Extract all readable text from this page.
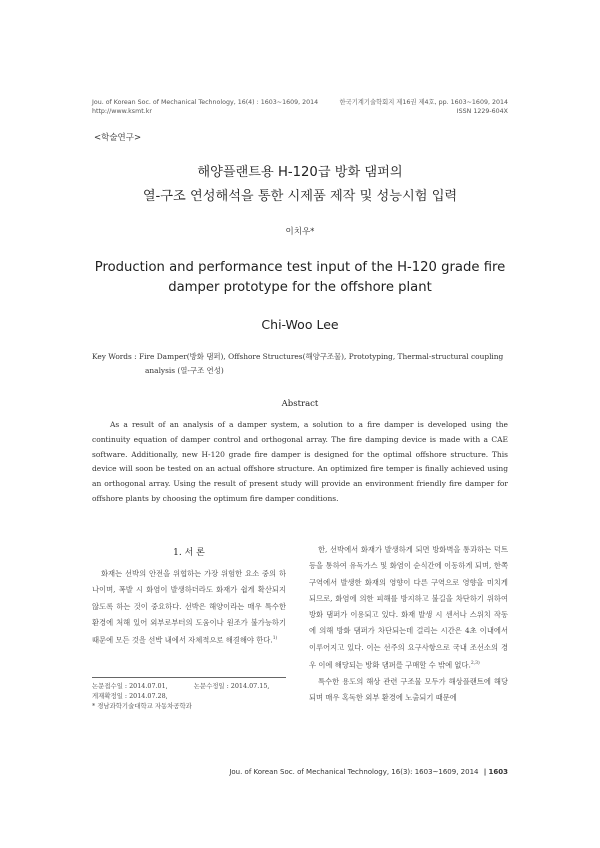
Jou. of Korean Soc. of Mechanical Technology, 16(4) : 1603~1609, 2014
http://www.ksmt.kr
한국기계기술학회지 제16권 제4호, pp. 1603~1609, 2014
ISSN 1229-604X
<학술연구>
해양플랜트용 H-120급 방화 댐퍼의
열-구조 연성해석을 통한 시제품 제작 및 성능시험 입력
이치우*
Production and performance test input of the H-120 grade fire
damper prototype for the offshore plant
Chi-Woo Lee
Key Words : Fire Damper(방화 댐퍼), Offshore Structures(해양구조물), Prototyping, Thermal-structural coupling
analysis (열-구조 연성)
Abstract

As a result of an analysis of a damper system, a solution to a fire damper is developed using the continuity equation of damper control and orthogonal array. The fire damping device is made with a CAE software. Additionally, new H-120 grade fire damper is designed for the optimal offshore structure. This device will soon be tested on an actual offshore structure. An optimized fire temper is finally achieved using an orthogonal array. Using the result of present study will provide an environment friendly fire damper for offshore plants by choosing the optimum fire damper conditions.

1. 서 론

화재는 선박의 안전을 위협하는 가장 위험한 요소 중의 하나이며, 폭발 시 화염이 발생하더라도 화재가 쉽게 확산되지 않도록 하는 것이 중요하다. 선박은 해양이라는 매우 특수한 환경에 처해 있어 외부로부터의 도움이나 원조가 불가능하기 때문에 모든 것을 선박 내에서 자체적으로 해결해야 한다.$^{1)}$

한, 선박에서 화재가 발생하게 되면 방화벽을 통과하는 덕트 등을 통하여 유독가스 및 화염이 순식간에 이동하게 되며, 한쪽 구역에서 발생한 화재의 영향이 다른 구역으로 영향을 미치게 되므로, 화염에 의한 피해를 방지하고 불길을 차단하기 위하여 방화 댐퍼가 이용되고 있다. 화재 발생 시 센서나 스위치 작동에 의해 방화 댐퍼가 차단되는데 걸리는 시간은 4초 이내에서 이루어지고 있다. 이는 선주의 요구사항으로 국내 조선소의 경우 이에 해당되는 방화 댐퍼를 구매할 수 밖에 없다.$^{2,3)}$

특수한 용도의 해상 관련 구조물 모두가 해상플랜트에 해당되며 매우 혹독한 외부 환경에 노출되기 때문에

논문접수일 : 2014.07.01,	논문수정일 : 2014.07.15,
게재확정일 : 2014.07.28,
* 경남과학기술대학교 자동차공학과
Jou. of Korean Soc. of Mechanical Technology, 16(3): 1603~1609, 2014 | 1603
